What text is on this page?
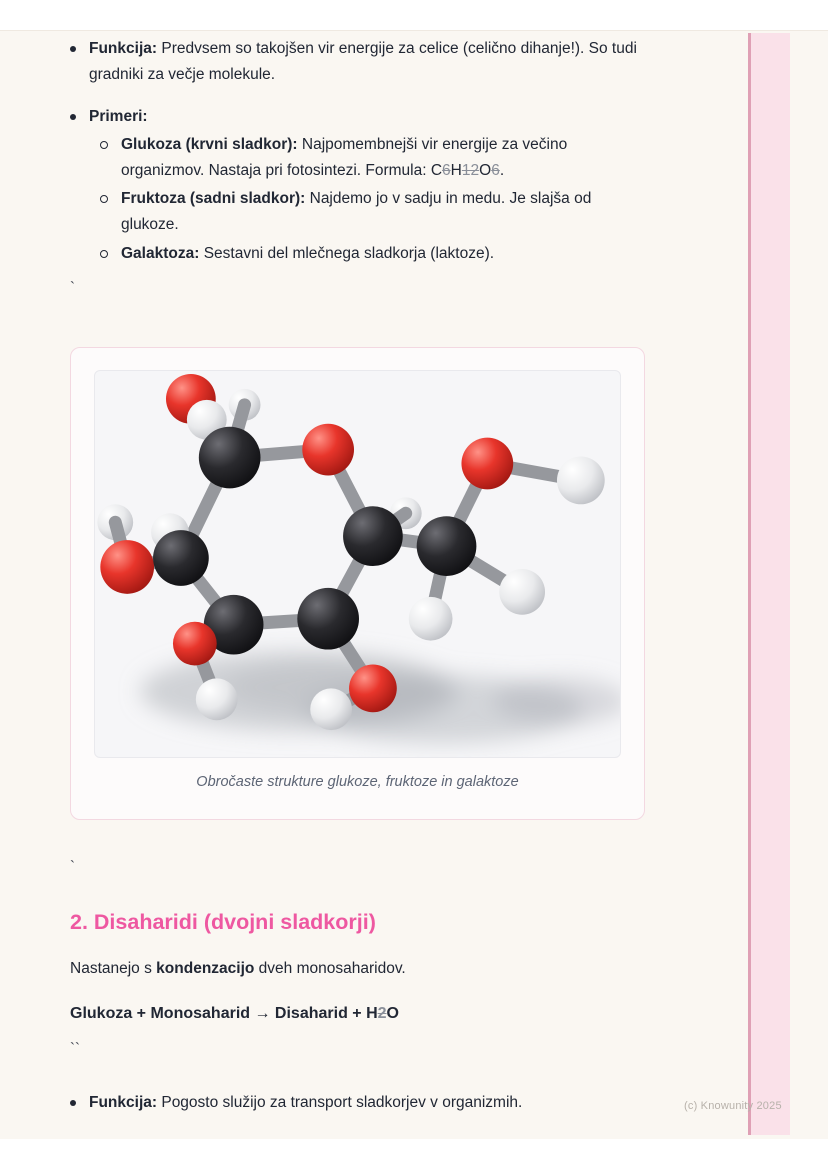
Funkcija: Predvsem so takojšen vir energije za celice (celično dihanje!). So tudi gradniki za večje molekule.
Primeri:
Glukoza (krvni sladkor): Najpomembnejši vir energije za večino organizmov. Nastaja pri fotosintezi. Formula: C6H12O6.
Fruktoza (sadni sladkor): Najdemo jo v sadju in medu. Je slajša od glukoze.
Galaktoza: Sestavni del mlečnega sladkorja (laktoze).
`
Obročaste strukture glukoze, fruktoze in galaktoze
`
2. Disaharidi (dvojni sladkorji)
Nastanejo s kondenzacijo dveh monosaharidov.
Glukoza + Monosaharid → Disaharid + H2O
``
Funkcija: Pogosto služijo za transport sladkorjev v organizmih.	(c) Knowunity 2025
